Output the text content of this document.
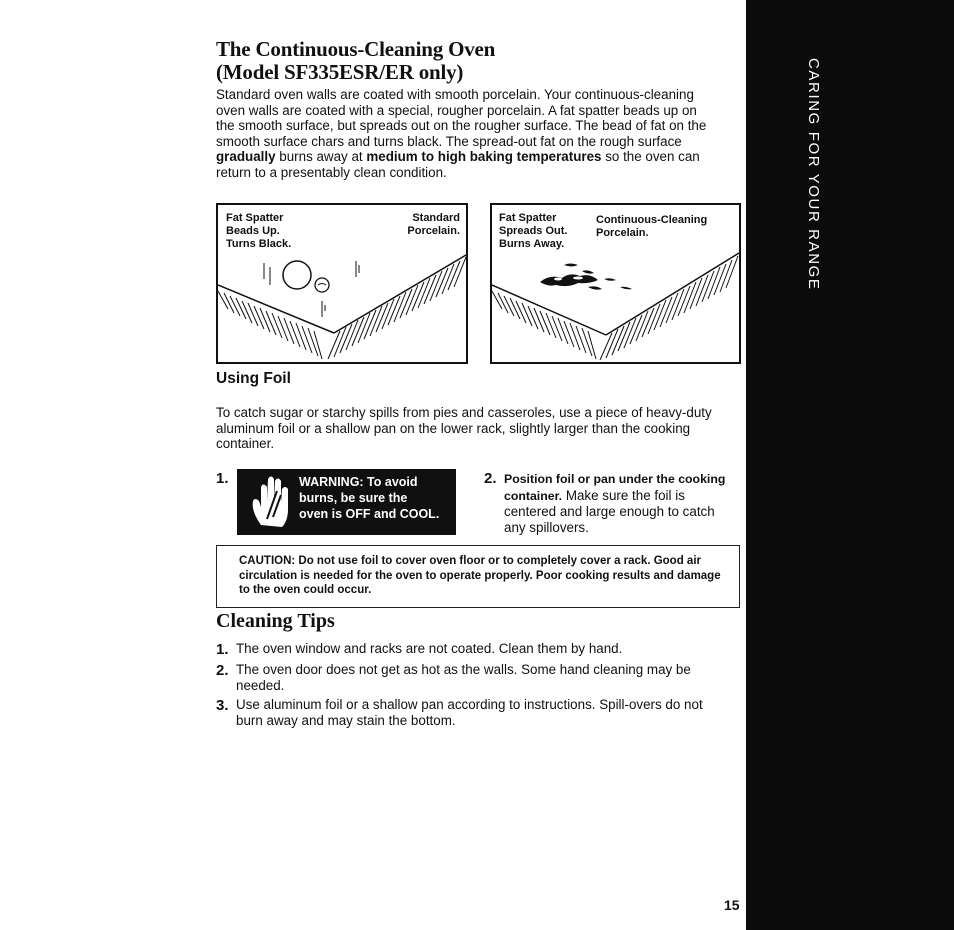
CARING FOR YOUR RANGE
The Continuous-Cleaning Oven
(Model SF335ESR/ER only)

Standard oven walls are coated with smooth porcelain. Your continuous-cleaning oven walls are coated with a special, rougher porcelain. A fat spatter beads up on the smooth surface, but spreads out on the rougher surface. The bead of fat on the smooth surface chars and turns black. The spread-out fat on the rough surface gradually burns away at medium to high baking temperatures so the oven can return to a presentably clean condition.

Fat Spatter
Beads Up.
Turns Black.
Standard
Porcelain.
Fat Spatter
Spreads Out.
Burns Away.
Continuous-Cleaning
Porcelain.
Using Foil

To catch sugar or starchy spills from pies and casseroles, use a piece of heavy-duty aluminum foil or a shallow pan on the lower rack, slightly larger than the cooking container.

1.	WARNING: To avoid
burns, be sure the
oven is OFF and COOL.
2. Position foil or pan under the cooking container. Make sure the foil is centered and large enough to catch any spillovers.

CAUTION: Do not use foil to cover oven floor or to completely cover a rack. Good air circulation is needed for the oven to operate properly. Poor cooking results and damage to the oven could occur.
Cleaning Tips
1. The oven window and racks are not coated. Clean them by hand.
2. The oven door does not get as hot as the walls. Some hand cleaning may be needed.
3. Use aluminum foil or a shallow pan according to instructions. Spill-overs do not burn away and may stain the bottom.
15
